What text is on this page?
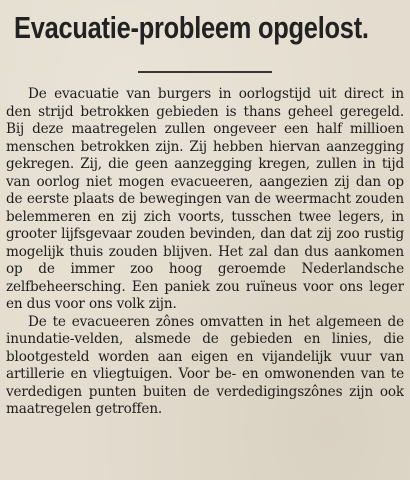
Evacuatie-probleem opgelost.

De evacuatie van burgers in oorlogstijd uit direct in den strijd betrokken gebieden is thans geheel geregeld. Bij deze maatregelen zullen ongeveer een half millioen menschen betrokken zijn. Zij hebben hiervan aanzegging gekregen. Zij, die geen aanzegging kregen, zullen in tijd van oorlog niet mogen evacueeren, aangezien zij dan op de eerste plaats de bewegingen van de weermacht zouden belemmeren en zij zich voorts, tusschen twee legers, in grooter lijfsgevaar zouden bevinden, dan dat zij zoo rustig mogelijk thuis zouden blijven. Het zal dan dus aankomen op de immer zoo hoog geroemde Nederlandsche zelfbeheersching. Een paniek zou ruïneus voor ons leger en dus voor ons volk zijn.

De te evacueeren zônes omvatten in het algemeen de inundatie-velden, alsmede de gebieden en linies, die blootgesteld worden aan eigen en vijandelijk vuur van artillerie en vliegtuigen. Voor be- en omwonenden van te verdedigen punten buiten de verdedigingszônes zijn ook maatregelen getroffen.
